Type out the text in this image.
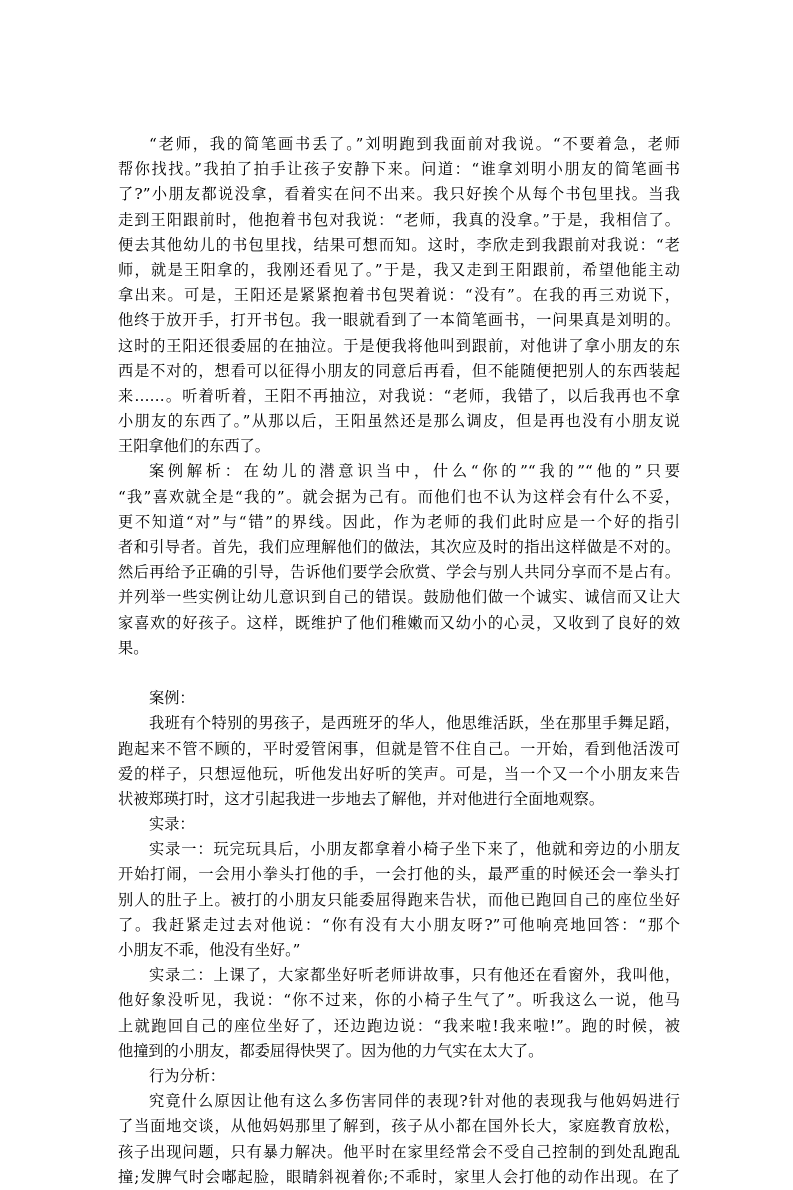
“老师，我的简笔画书丢了。”刘明跑到我面前对我说。“不要着急，老师
帮你找找。”我拍了拍手让孩子安静下来。问道：“谁拿刘明小朋友的简笔画书
了?”小朋友都说没拿，看着实在问不出来。我只好挨个从每个书包里找。当我
走到王阳跟前时，他抱着书包对我说：“老师，我真的没拿。”于是，我相信了。
便去其他幼儿的书包里找，结果可想而知。这时，李欣走到我跟前对我说：“老
师，就是王阳拿的，我刚还看见了。”于是，我又走到王阳跟前，希望他能主动
拿出来。可是，王阳还是紧紧抱着书包哭着说：“没有”。在我的再三劝说下，
他终于放开手，打开书包。我一眼就看到了一本简笔画书，一问果真是刘明的。
这时的王阳还很委屈的在抽泣。于是便我将他叫到跟前，对他讲了拿小朋友的东
西是不对的，想看可以征得小朋友的同意后再看，但不能随便把别人的东西装起
来……。听着听着，王阳不再抽泣，对我说：“老师，我错了，以后我再也不拿
小朋友的东西了。”从那以后，王阳虽然还是那么调皮，但是再也没有小朋友说
王阳拿他们的东西了。
案例解析：在幼儿的潜意识当中，什么“你的”“我的”“他的”只要
“我”喜欢就全是“我的”。就会据为己有。而他们也不认为这样会有什么不妥，
更不知道“对”与“错”的界线。因此，作为老师的我们此时应是一个好的指引
者和引导者。首先，我们应理解他们的做法，其次应及时的指出这样做是不对的。
然后再给予正确的引导，告诉他们要学会欣赏、学会与别人共同分享而不是占有。
并列举一些实例让幼儿意识到自己的错误。鼓励他们做一个诚实、诚信而又让大
家喜欢的好孩子。这样，既维护了他们稚嫩而又幼小的心灵，又收到了良好的效
果。
案例：
我班有个特别的男孩子，是西班牙的华人，他思维活跃，坐在那里手舞足蹈，
跑起来不管不顾的，平时爱管闲事，但就是管不住自己。一开始，看到他活泼可
爱的样子，只想逗他玩，听他发出好听的笑声。可是，当一个又一个小朋友来告
状被郑瑛打时，这才引起我进一步地去了解他，并对他进行全面地观察。
实录：
实录一：玩完玩具后，小朋友都拿着小椅子坐下来了，他就和旁边的小朋友
开始打闹，一会用小拳头打他的手，一会打他的头，最严重的时候还会一拳头打
别人的肚子上。被打的小朋友只能委屈得跑来告状，而他已跑回自己的座位坐好
了。我赶紧走过去对他说：“你有没有大小朋友呀?”可他响亮地回答：“那个
小朋友不乖，他没有坐好。”
实录二：上课了，大家都坐好听老师讲故事，只有他还在看窗外，我叫他，
他好象没听见，我说：“你不过来，你的小椅子生气了”。听我这么一说，他马
上就跑回自己的座位坐好了，还边跑边说：“我来啦!我来啦!”。跑的时候，被
他撞到的小朋友，都委屈得快哭了。因为他的力气实在太大了。
行为分析：
究竟什么原因让他有这么多伤害同伴的表现?针对他的表现我与他妈妈进行
了当面地交谈，从他妈妈那里了解到，孩子从小都在国外长大，家庭教育放松，
孩子出现问题，只有暴力解决。他平时在家里经常会不受自己控制的到处乱跑乱
撞;发脾气时会嘟起脸，眼睛斜视着你;不乖时，家里人会打他的动作出现。在了
